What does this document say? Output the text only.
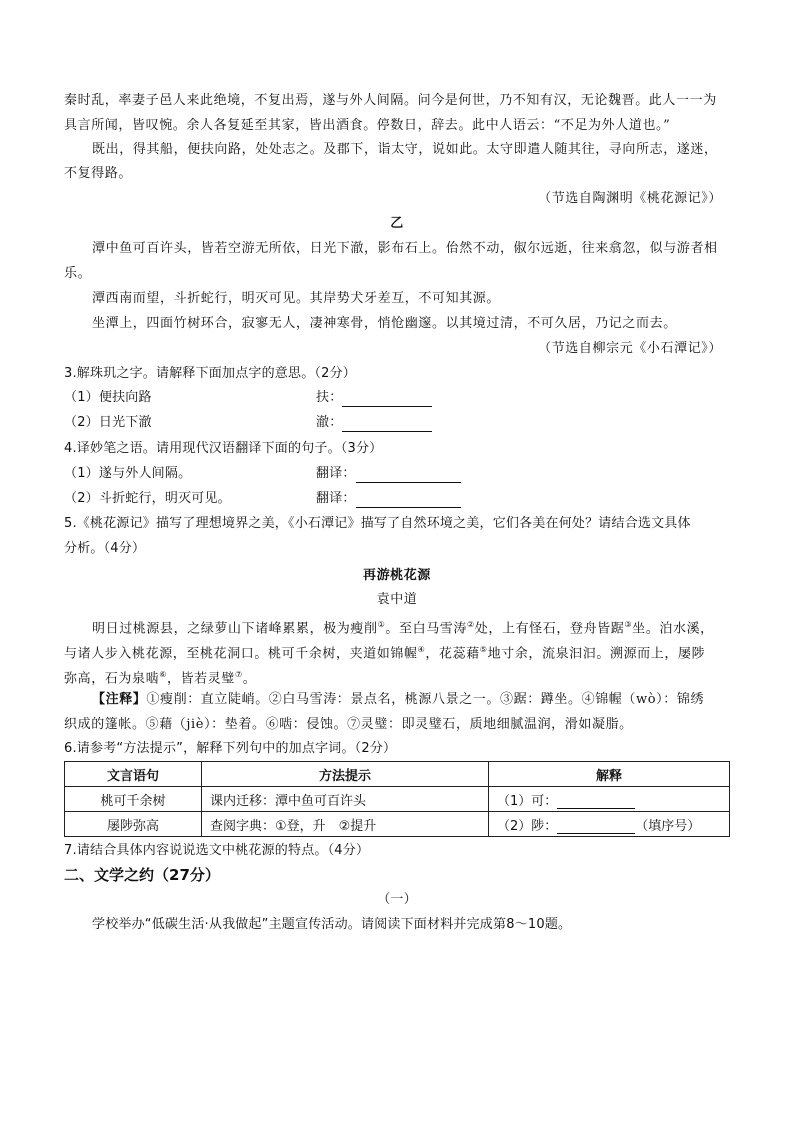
秦时乱，率妻子邑人来此绝境，不复出焉，遂与外人间隔。问今是何世，乃不知有汉，无论魏晋。此人一一为
具言所闻，皆叹惋。余人各复延至其家，皆出酒食。停数日，辞去。此中人语云：“不足为外人道也。”
既出，得其船，便扶向路，处处志之。及郡下，诣太守，说如此。太守即遣人随其往，寻向所志，遂迷，
不复得路。
（节选自陶渊明《桃花源记》）
乙
潭中鱼可百许头，皆若空游无所依，日光下澈，影布石上。佁然不动，俶尔远逝，往来翕忽，似与游者相
乐。
潭西南而望，斗折蛇行，明灭可见。其岸势犬牙差互，不可知其源。
坐潭上，四面竹树环合，寂寥无人，凄神寒骨，悄怆幽邃。以其境过清，不可久居，乃记之而去。
（节选自柳宗元《小石潭记》）
3.解珠玑之字。请解释下面加点字的意思。（2分）
（1）便扶向路	扶：
（2）日光下澈	澈：
4.译妙笔之语。请用现代汉语翻译下面的句子。（3分）
（1）遂与外人间隔。	翻译：
（2）斗折蛇行，明灭可见。	翻译：
5.《桃花源记》描写了理想境界之美，《小石潭记》描写了自然环境之美，它们各美在何处？请结合选文具体
分析。（4分）
再游桃花源
袁中道
明日过桃源县，之绿萝山下诸峰累累，极为瘦削①。至白马雪涛②处，上有怪石，登舟皆踞③坐。泊水溪，
与诸人步入桃花源，至桃花洞口。桃可千余树，夹道如锦幄④，花蕊藉⑤地寸余，流泉汩汩。溯源而上，屡陟
弥高，石为泉啮⑥，皆若灵璧⑦。
【注释】①瘦削：直立陡峭。②白马雪涛：景点名，桃源八景之一。③踞：蹲坐。④锦幄（wò）：锦绣
织成的篷帐。⑤藉（jiè）：垫着。⑥啮：侵蚀。⑦灵璧：即灵璧石，质地细腻温润，滑如凝脂。
6.请参考“方法提示”，解释下列句中的加点字词。（2分）
文言语句	方法提示	解释
桃可千余树	课内迁移：潭中鱼可百许头	（1）可：
屡陟弥高	查阅字典：①登，升　②提升	（2）陟： （填序号）
7.请结合具体内容说说选文中桃花源的特点。（4分）
二、文学之约（27分）
（一）
学校举办“低碳生活·从我做起”主题宣传活动。请阅读下面材料并完成第8～10题。
